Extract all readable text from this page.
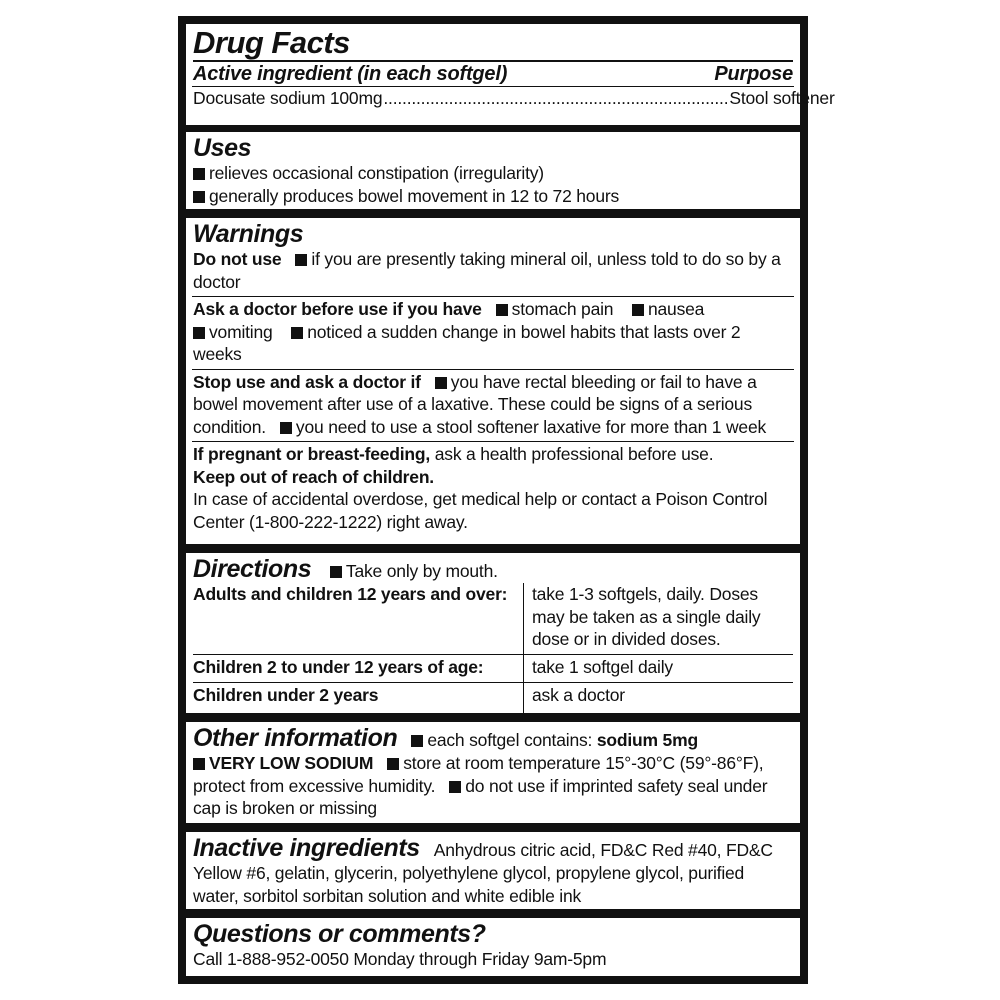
Drug Facts
Active ingredient (in each softgel)	Purpose
Docusate sodium 100mg .......................................................................... Stool softener
Uses
relieves occasional constipation (irregularity)
generally produces bowel movement in 12 to 72 hours
Warnings
Do not use if you are presently taking mineral oil, unless told to do so by a doctor
Ask a doctor before use if you have stomach pain nausea
vomiting noticed a sudden change in bowel habits that lasts over 2 weeks
Stop use and ask a doctor if you have rectal bleeding or fail to have a bowel movement after use of a laxative. These could be signs of a serious condition. you need to use a stool softener laxative for more than 1 week
If pregnant or breast-feeding, ask a health professional before use.
Keep out of reach of children.
In case of accidental overdose, get medical help or contact a Poison Control Center (1-800-222-1222) right away.
Directions Take only by mouth.
Adults and children 12 years and over:	take 1-3 softgels, daily. Doses may be taken as a single daily dose or in divided doses.
Children 2 to under 12 years of age:	take 1 softgel daily
Children under 2 years	ask a doctor
Other information each softgel contains: sodium 5mg
VERY LOW SODIUM store at room temperature 15°-30°C (59°-86°F), protect from excessive humidity. do not use if imprinted safety seal under cap is broken or missing
Inactive ingredients Anhydrous citric acid, FD&C Red #40, FD&C Yellow #6, gelatin, glycerin, polyethylene glycol, propylene glycol, purified water, sorbitol sorbitan solution and white edible ink
Questions or comments?
Call 1-888-952-0050 Monday through Friday 9am-5pm
